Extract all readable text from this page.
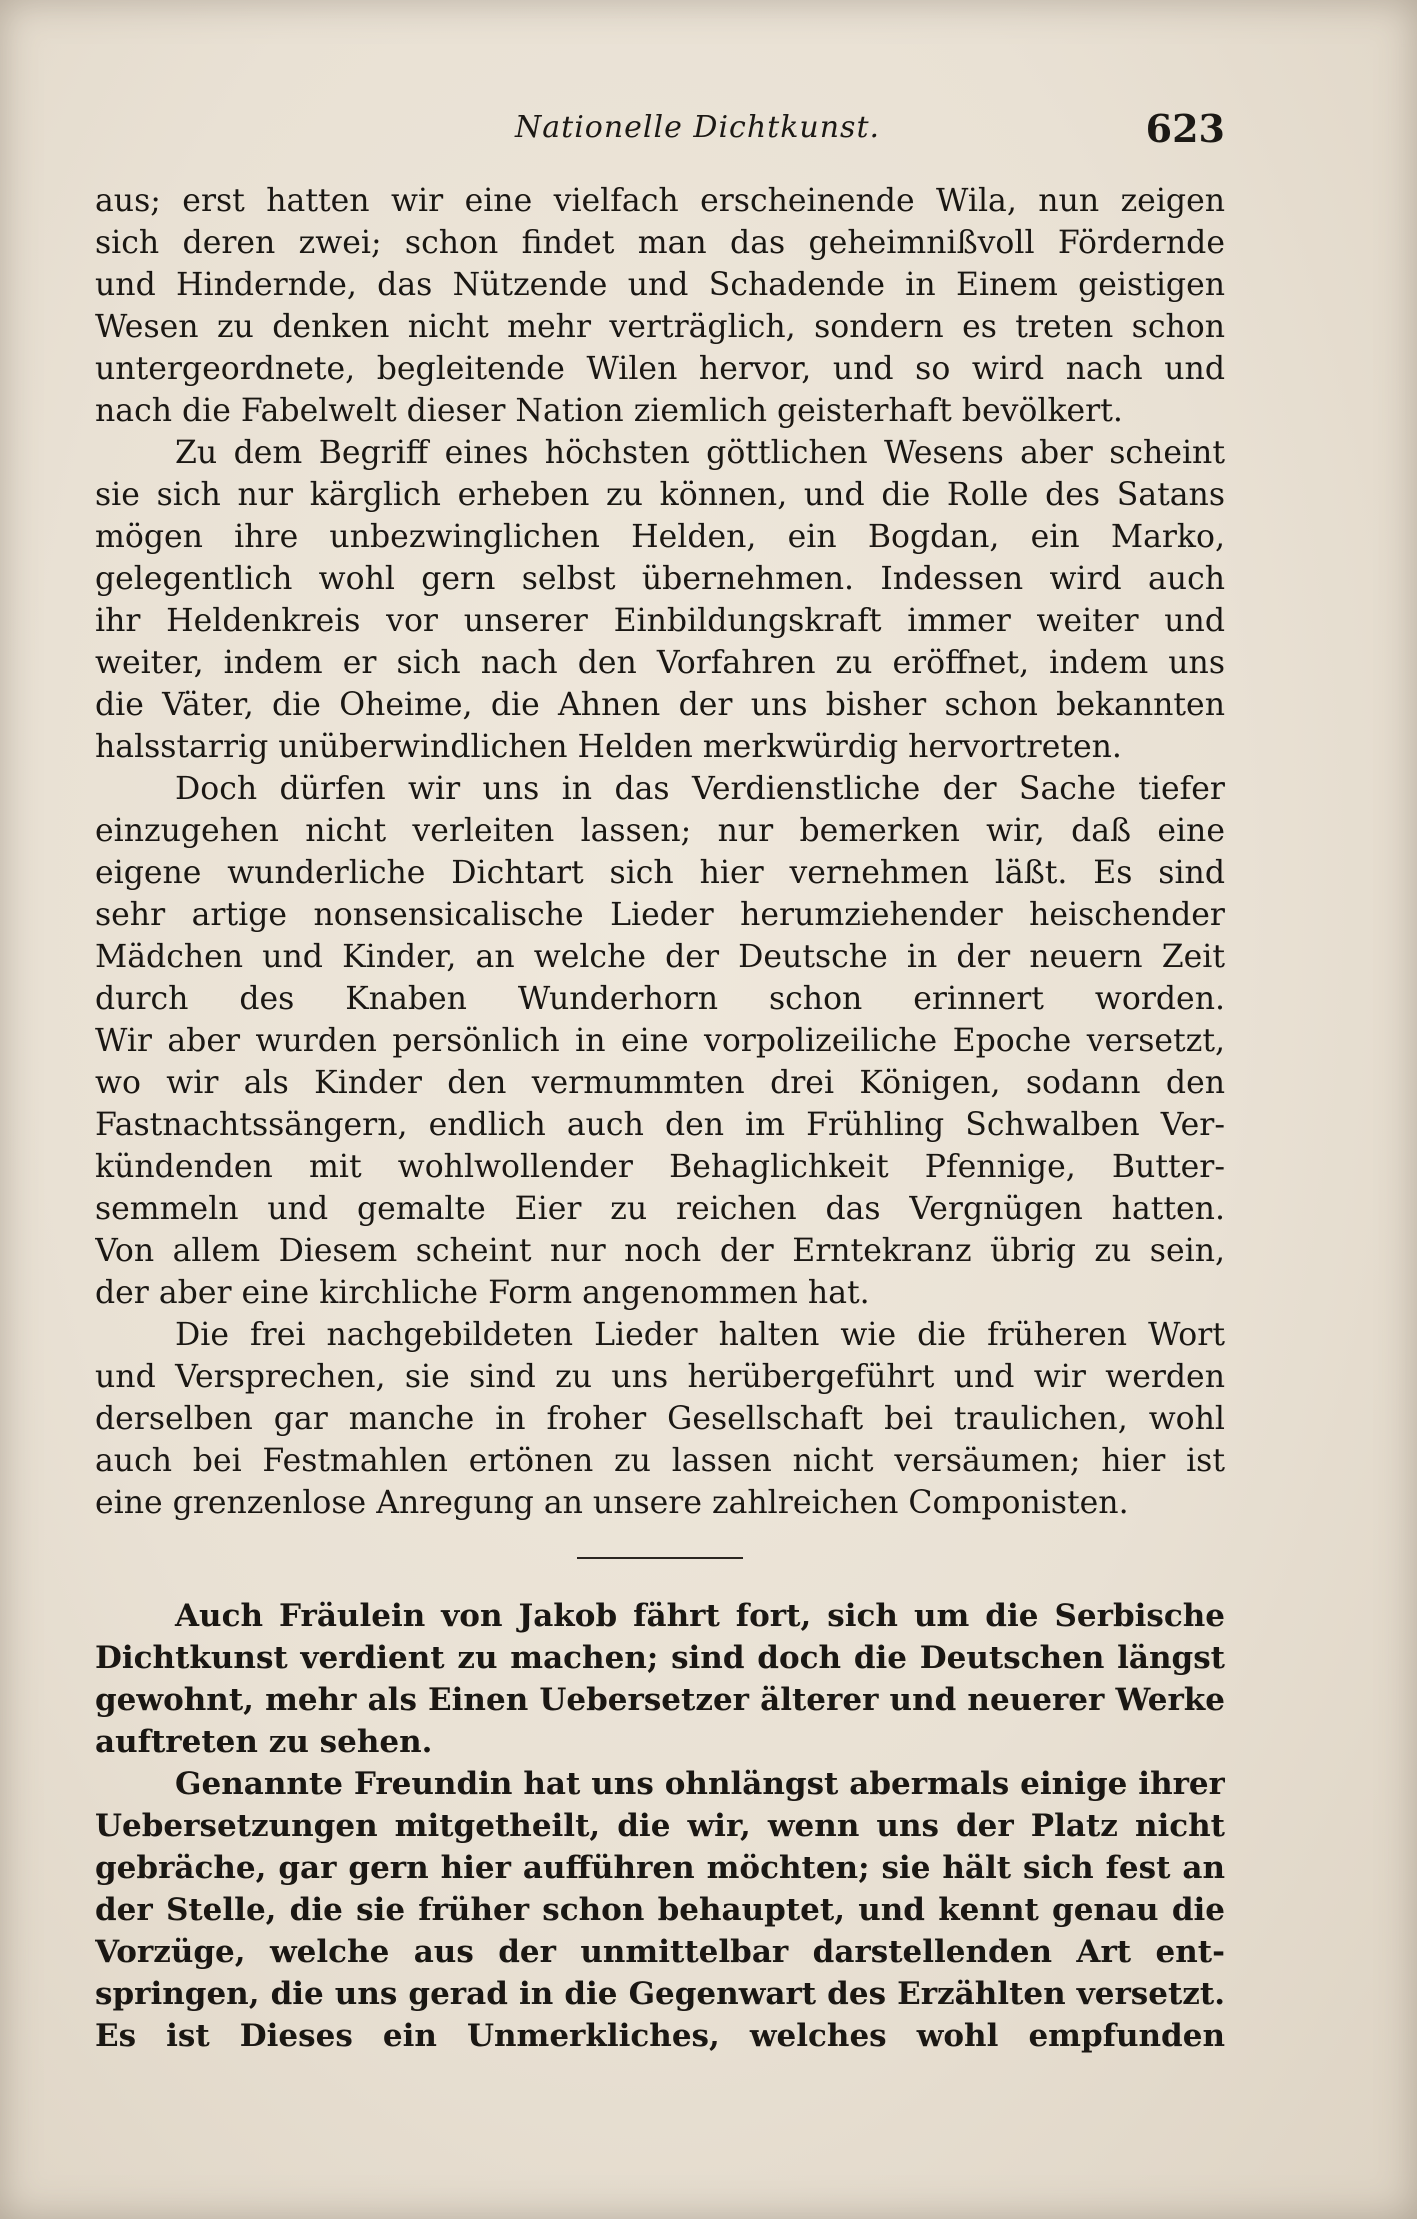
Nationelle Dichtkunst.	623
aus; erst hatten wir eine vielfach erscheinende Wila, nun zeigen
sich deren zwei; schon findet man das geheimnißvoll Fördernde
und Hindernde, das Nützende und Schadende in Einem geistigen
Wesen zu denken nicht mehr verträglich, sondern es treten schon
untergeordnete, begleitende Wilen hervor, und so wird nach und
nach die Fabelwelt dieser Nation ziemlich geisterhaft bevölkert.
Zu dem Begriff eines höchsten göttlichen Wesens aber scheint
sie sich nur kärglich erheben zu können, und die Rolle des Satans
mögen ihre unbezwinglichen Helden, ein Bogdan, ein Marko,
gelegentlich wohl gern selbst übernehmen. Indessen wird auch
ihr Heldenkreis vor unserer Einbildungskraft immer weiter und
weiter, indem er sich nach den Vorfahren zu eröffnet, indem uns
die Väter, die Oheime, die Ahnen der uns bisher schon bekannten
halsstarrig unüberwindlichen Helden merkwürdig hervortreten.
Doch dürfen wir uns in das Verdienstliche der Sache tiefer
einzugehen nicht verleiten lassen; nur bemerken wir, daß eine
eigene wunderliche Dichtart sich hier vernehmen läßt. Es sind
sehr artige nonsensicalische Lieder herumziehender heischender
Mädchen und Kinder, an welche der Deutsche in der neuern Zeit
durch des Knaben Wunderhorn schon erinnert worden.
Wir aber wurden persönlich in eine vorpolizeiliche Epoche versetzt,
wo wir als Kinder den vermummten drei Königen, sodann den
Fastnachtssängern, endlich auch den im Frühling Schwalben Ver-
kündenden mit wohlwollender Behaglichkeit Pfennige, Butter-
semmeln und gemalte Eier zu reichen das Vergnügen hatten.
Von allem Diesem scheint nur noch der Erntekranz übrig zu sein,
der aber eine kirchliche Form angenommen hat.
Die frei nachgebildeten Lieder halten wie die früheren Wort
und Versprechen, sie sind zu uns herübergeführt und wir werden
derselben gar manche in froher Gesellschaft bei traulichen, wohl
auch bei Festmahlen ertönen zu lassen nicht versäumen; hier ist
eine grenzenlose Anregung an unsere zahlreichen Componisten.
Auch Fräulein von Jakob fährt fort, sich um die Serbische
Dichtkunst verdient zu machen; sind doch die Deutschen längst
gewohnt, mehr als Einen Uebersetzer älterer und neuerer Werke
auftreten zu sehen.
Genannte Freundin hat uns ohnlängst abermals einige ihrer
Uebersetzungen mitgetheilt, die wir, wenn uns der Platz nicht
gebräche, gar gern hier aufführen möchten; sie hält sich fest an
der Stelle, die sie früher schon behauptet, und kennt genau die
Vorzüge, welche aus der unmittelbar darstellenden Art ent-
springen, die uns gerad in die Gegenwart des Erzählten versetzt.
Es ist Dieses ein Unmerkliches, welches wohl empfunden
